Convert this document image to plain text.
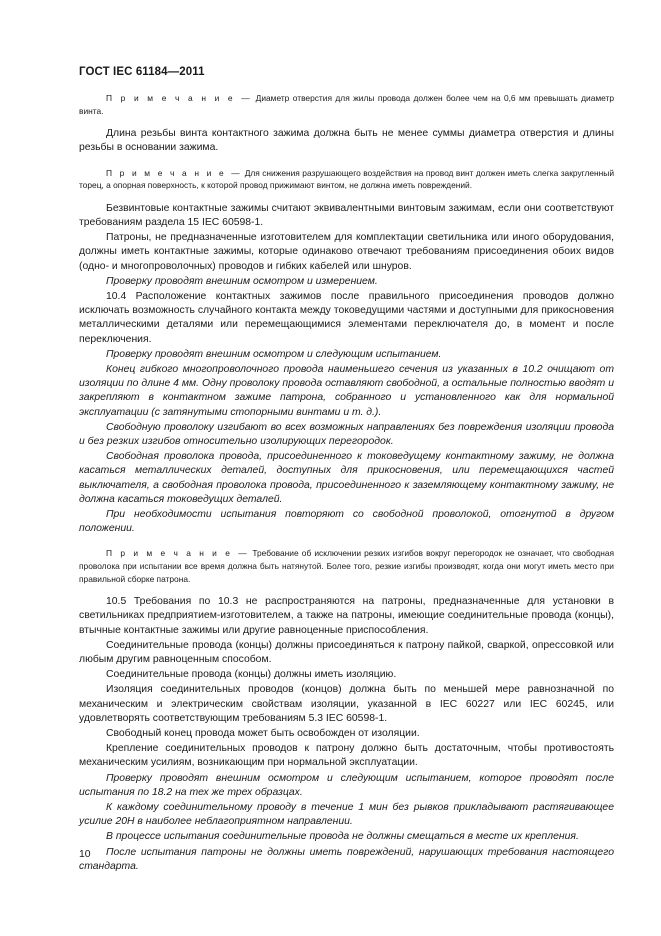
ГОСТ IEC 61184—2011

П р и м е ч а н и е — Диаметр отверстия для жилы провода должен более чем на 0,6 мм превышать диаметр винта.

Длина резьбы винта контактного зажима должна быть не менее суммы диаметра отверстия и длины резьбы в основании зажима.

П р и м е ч а н и е — Для снижения разрушающего воздействия на провод винт должен иметь слегка закругленный торец, а опорная поверхность, к которой провод прижимают винтом, не должна иметь повреждений.

Безвинтовые контактные зажимы считают эквивалентными винтовым зажимам, если они соответствуют требованиям раздела 15 IEC 60598-1.

Патроны, не предназначенные изготовителем для комплектации светильника или иного оборудования, должны иметь контактные зажимы, которые одинаково отвечают требованиям присоединения обоих видов (одно- и многопроволочных) проводов и гибких кабелей или шнуров.

Проверку проводят внешним осмотром и измерением.

10.4 Расположение контактных зажимов после правильного присоединения проводов должно исключать возможность случайного контакта между токоведущими частями и доступными для прикосновения металлическими деталями или перемещающимися элементами переключателя до, в момент и после переключения.

Проверку проводят внешним осмотром и следующим испытанием.

Конец гибкого многопроволочного провода наименьшего сечения из указанных в 10.2 очищают от изоляции по длине 4 мм. Одну проволоку провода оставляют свободной, а остальные полностью вводят и закрепляют в контактном зажиме патрона, собранного и установленного как для нормальной эксплуатации (с затянутыми стопорными винтами и т. д.).

Свободную проволоку изгибают во всех возможных направлениях без повреждения изоляции провода и без резких изгибов относительно изолирующих перегородок.

Свободная проволока провода, присоединенного к токоведущему контактному зажиму, не должна касаться металлических деталей, доступных для прикосновения, или перемещающихся частей выключателя, а свободная проволока провода, присоединенного к заземляющему контактному зажиму, не должна касаться токоведущих деталей.

При необходимости испытания повторяют со свободной проволокой, отогнутой в другом положении.

П р и м е ч а н и е — Требование об исключении резких изгибов вокруг перегородок не означает, что свободная проволока при испытании все время должна быть натянутой. Более того, резкие изгибы производят, когда они могут иметь место при правильной сборке патрона.

10.5 Требования по 10.3 не распространяются на патроны, предназначенные для установки в светильниках предприятием-изготовителем, а также на патроны, имеющие соединительные провода (концы), втычные контактные зажимы или другие равноценные приспособления.

Соединительные провода (концы) должны присоединяться к патрону пайкой, сваркой, опрессовкой или любым другим равноценным способом.

Соединительные провода (концы) должны иметь изоляцию.

Изоляция соединительных проводов (концов) должна быть по меньшей мере равнозначной по механическим и электрическим свойствам изоляции, указанной в IEC 60227 или IEC 60245, или удовлетворять соответствующим требованиям 5.3 IEC 60598-1.

Свободный конец провода может быть освобожден от изоляции.

Крепление соединительных проводов к патрону должно быть достаточным, чтобы противостоять механическим усилиям, возникающим при нормальной эксплуатации.

Проверку проводят внешним осмотром и следующим испытанием, которое проводят после испытания по 18.2 на тех же трех образцах.

К каждому соединительному проводу в течение 1 мин без рывков прикладывают растягивающее усилие 20Н в наиболее неблагоприятном направлении.

В процессе испытания соединительные провода не должны смещаться в месте их крепления.

После испытания патроны не должны иметь повреждений, нарушающих требования настоящего стандарта.

10
